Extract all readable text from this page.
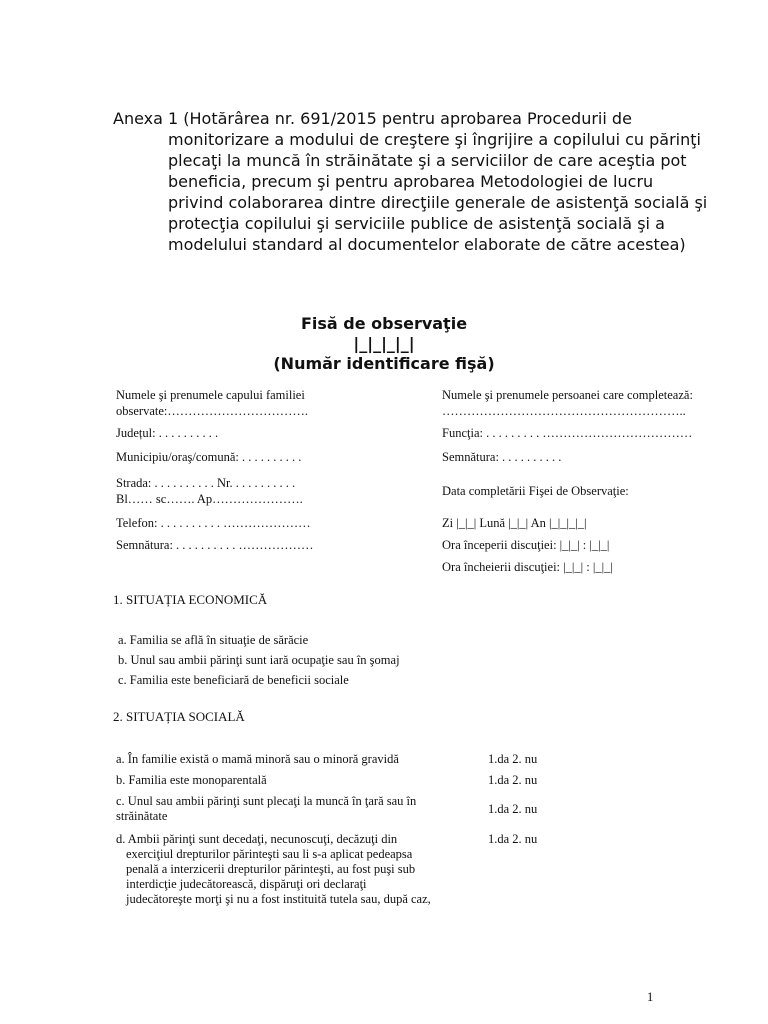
Anexa 1 (Hotărârea nr. 691/2015 pentru aprobarea Procedurii de monitorizare a modului de creştere şi îngrijire a copilului cu părinţi plecaţi la muncă în străinătate şi a serviciilor de care aceştia pot beneficia, precum şi pentru aprobarea Metodologiei de lucru privind colaborarea dintre direcţiile generale de asistenţă socială şi protecţia copilului şi serviciile publice de asistenţă socială şi a modelului standard al documentelor elaborate de către acestea)
Fisă de observaţie
|_|_|_|_|
(Număr identificare fişă)
Numele şi prenumele capului familiei
observate:…………………………….
Județul: . . . . . . . . . .
Municipiu/oraş/comună: . . . . . . . . . .
Strada: . . . . . . . . . . Nr. . . . . . . . . . .
Bl…… sc……. Ap………………….
Telefon: . . . . . . . . . . …………………
Semnătura: . . . . . . . . . . ………………
Numele şi prenumele persoanei care completează:
…………………………………………………..
Funcţia: . . . . . . . . . ………………………………
Semnătura: . . . . . . . . . .
Data completării Fişei de Observaţie:
Zi |_|_| Lună |_|_| An |_|_|_|_|
Ora începerii discuţiei: |_|_| : |_|_|
Ora încheierii discuţiei: |_|_| : |_|_|
1. SITUAȚIA ECONOMICĂ
a. Familia se află în situaţie de sărăcie
b. Unul sau ambii părinţi sunt iară ocupaţie sau în şomaj
c. Familia este beneficiară de beneficii sociale
2. SITUAȚIA SOCIALĂ
a. În familie există o mamă minoră sau o minoră gravidă	1.da 2. nu
b. Familia este monoparentală	1.da 2. nu
c. Unul sau ambii părinţi sunt plecaţi la muncă în ţară sau în
străinătate	1.da 2. nu
d. Ambii părinţi sunt decedaţi, necunoscuţi, decăzuţi din
exerciţiul drepturilor părinteşti sau li s-a aplicat pedeapsa
penală a interzicerii drepturilor părinteşti, au fost puşi sub
interdicţie judecătorească, dispăruţi ori declaraţi
judecătoreşte morţi şi nu a fost instituită tutela sau, după caz,
1.da 2. nu
1
